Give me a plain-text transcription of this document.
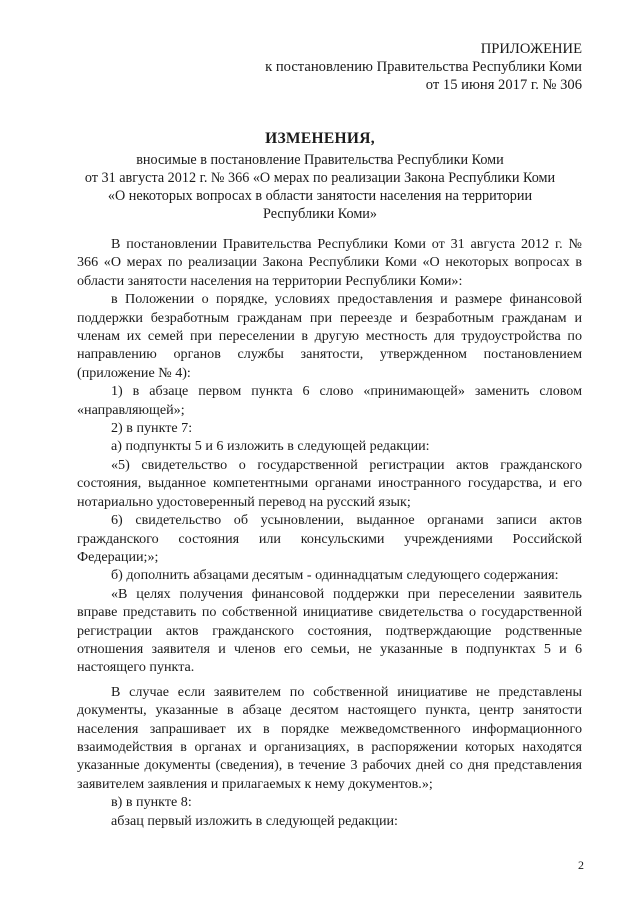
ПРИЛОЖЕНИЕ
к постановлению Правительства Республики Коми
от 15 июня 2017 г. № 306
ИЗМЕНЕНИЯ,
вносимые в постановление Правительства Республики Коми
от 31 августа 2012 г. № 366 «О мерах по реализации Закона Республики Коми
«О некоторых вопросах в области занятости населения на территории
Республики Коми»

В постановлении Правительства Республики Коми от 31 августа 2012 г. № 366 «О мерах по реализации Закона Республики Коми «О некоторых вопросах в области занятости населения на территории Республики Коми»:

в Положении о порядке, условиях предоставления и размере финансовой поддержки безработным гражданам при переезде и безработным гражданам и членам их семей при переселении в другую местность для трудоустройства по направлению органов службы занятости, утвержденном постановлением (приложение № 4):

1) в абзаце первом пункта 6 слово «принимающей» заменить словом «направляющей»;

2) в пункте 7:

а) подпункты 5 и 6 изложить в следующей редакции:

«5) свидетельство о государственной регистрации актов гражданского состояния, выданное компетентными органами иностранного государства, и его нотариально удостоверенный перевод на русский язык;

6) свидетельство об усыновлении, выданное органами записи актов гражданского состояния или консульскими учреждениями Российской Федерации;»;

б) дополнить абзацами десятым - одиннадцатым следующего содержания:

«В целях получения финансовой поддержки при переселении заявитель вправе представить по собственной инициативе свидетельства о государственной регистрации актов гражданского состояния, подтверждающие родственные отношения заявителя и членов его семьи, не указанные в подпунктах 5 и 6 настоящего пункта.

В случае если заявителем по собственной инициативе не представлены документы, указанные в абзаце десятом настоящего пункта, центр занятости населения запрашивает их в порядке межведомственного информационного взаимодействия в органах и организациях, в распоряжении которых находятся указанные документы (сведения), в течение 3 рабочих дней со дня представления заявителем заявления и прилагаемых к нему документов.»;

в) в пункте 8:

абзац первый изложить в следующей редакции:

2
